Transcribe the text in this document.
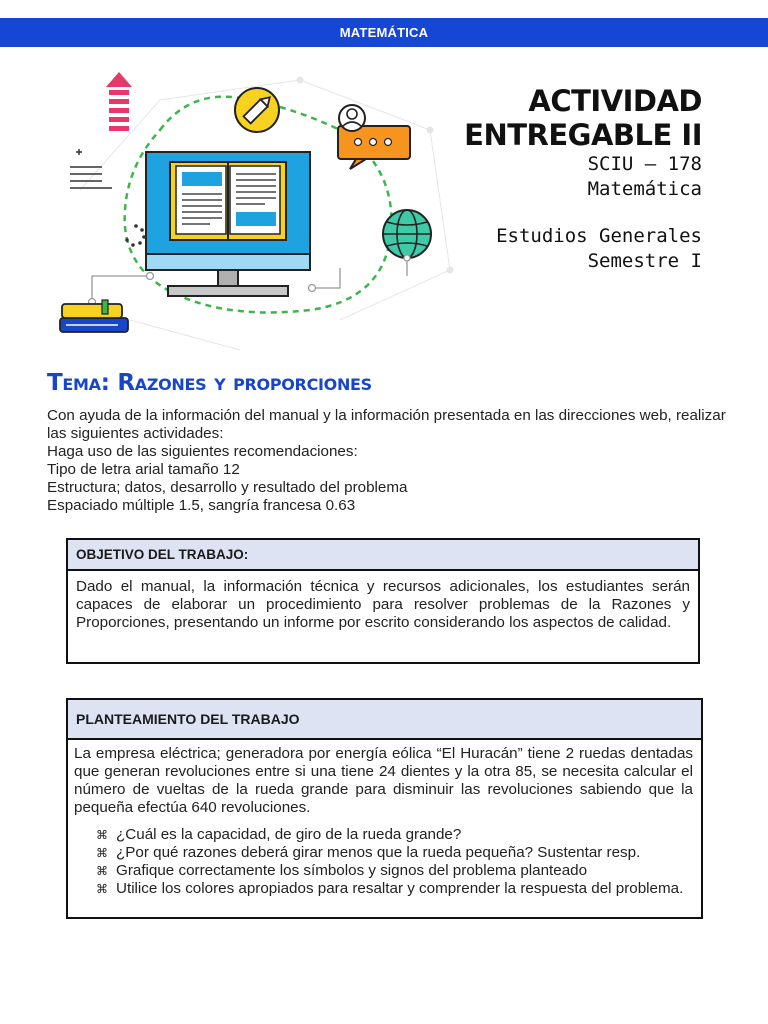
MATEMÁTICA
ACTIVIDAD
ENTREGABLE II
SCIU – 178
Matemática
Estudios Generales
Semestre I
Tema: Razones y proporciones
Con ayuda de la información del manual y la información presentada en las direcciones web, realizar las siguientes actividades:
Haga uso de las siguientes recomendaciones:
Tipo de letra arial tamaño 12
Estructura; datos, desarrollo y resultado del problema
Espaciado múltiple 1.5, sangría francesa 0.63
OBJETIVO DEL TRABAJO:
Dado el manual, la información técnica y recursos adicionales, los estudiantes serán capaces de elaborar un procedimiento para resolver problemas de la Razones y Proporciones, presentando un informe por escrito considerando los aspectos de calidad.
PLANTEAMIENTO DEL TRABAJO
La empresa eléctrica; generadora por energía eólica “El Huracán” tiene 2 ruedas dentadas que generan revoluciones entre si una tiene 24 dientes y la otra 85, se necesita calcular el número de vueltas de la rueda grande para disminuir las revoluciones sabiendo que la pequeña efectúa 640 revoluciones.
⌘ ¿Cuál es la capacidad, de giro de la rueda grande?
⌘ ¿Por qué razones deberá girar menos que la rueda pequeña? Sustentar resp.
⌘ Grafique correctamente los símbolos y signos del problema planteado
⌘ Utilice los colores apropiados para resaltar y comprender la respuesta del problema.
